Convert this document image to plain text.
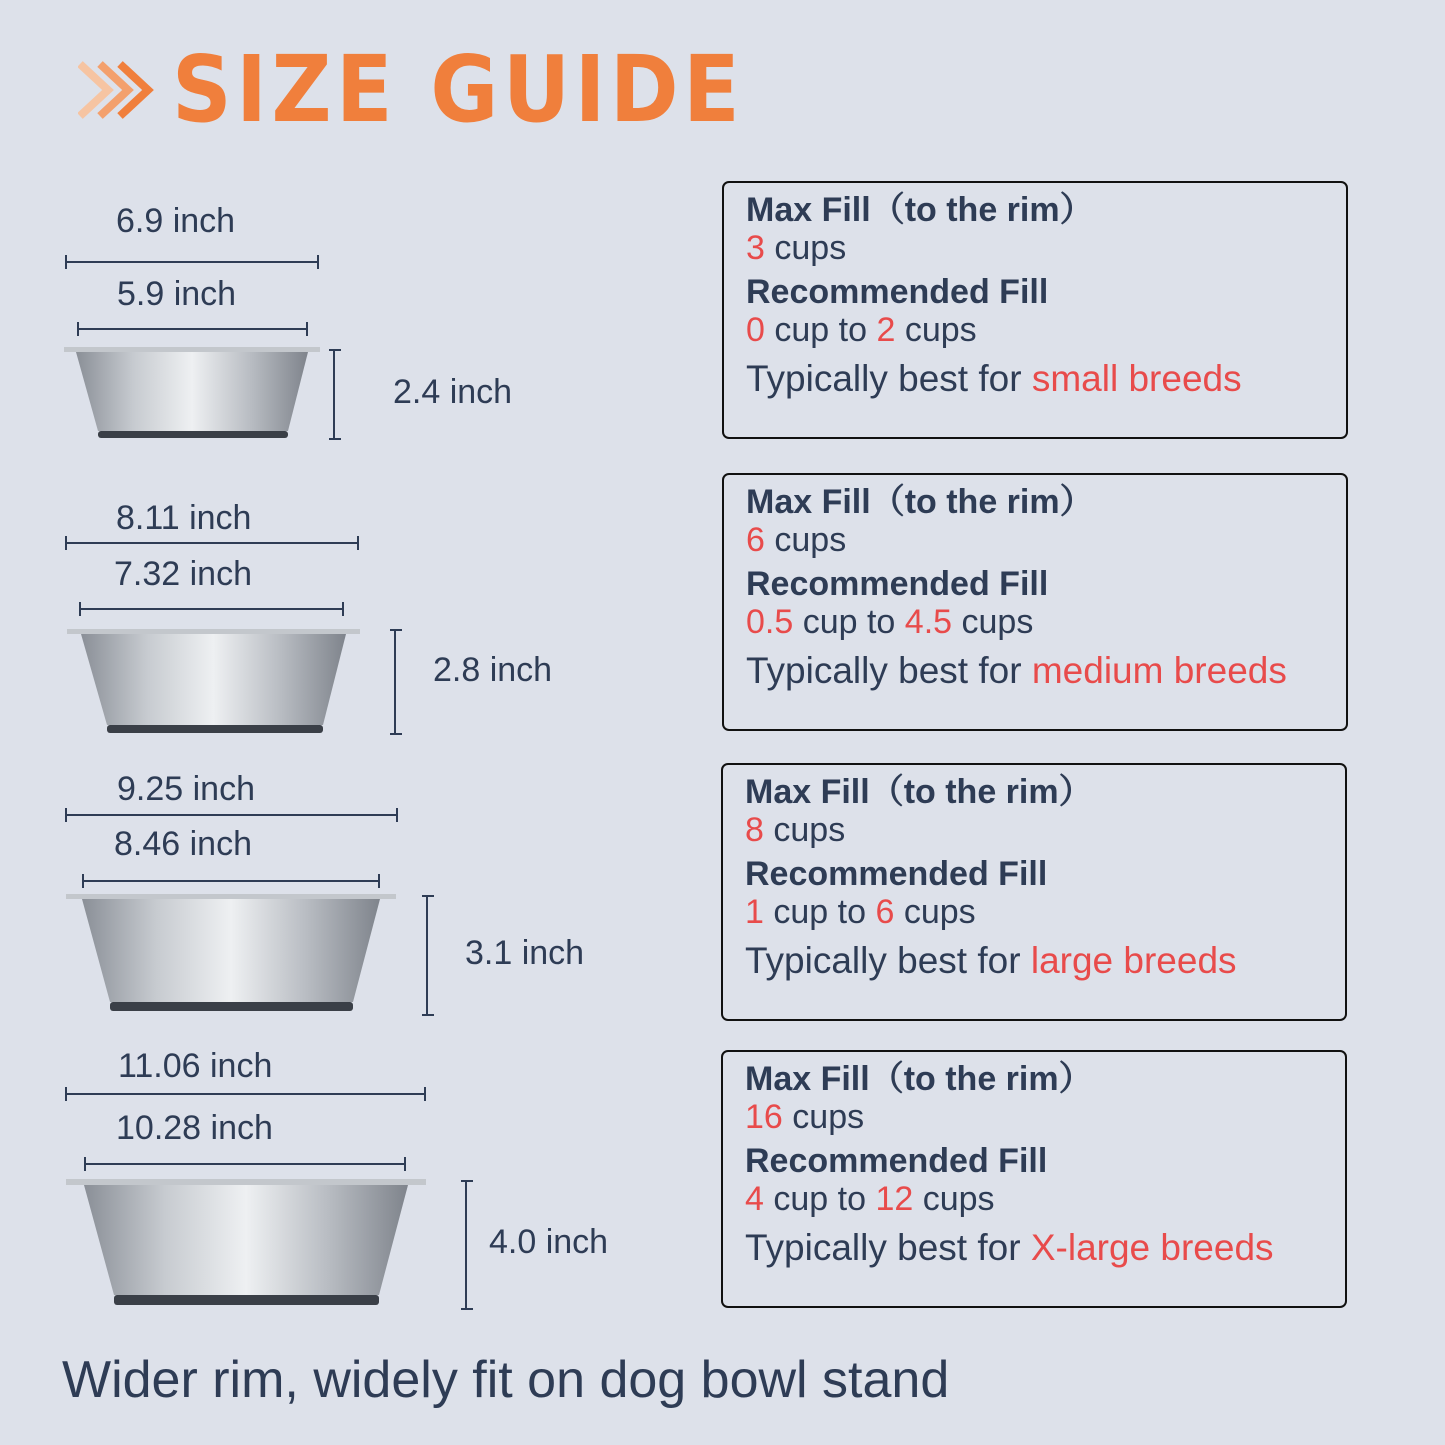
SIZE GUIDE
6.9 inch
5.9 inch
2.4 inch
8.11 inch
7.32 inch
2.8 inch
9.25 inch
8.46 inch
3.1 inch
11.06 inch
10.28 inch
4.0 inch
Max Fill（to the rim）
3 cups
Recommended Fill
0 cup to 2 cups
Typically best for small breeds
Max Fill（to the rim）
6 cups
Recommended Fill
0.5 cup to 4.5 cups
Typically best for medium breeds
Max Fill（to the rim）
8 cups
Recommended Fill
1 cup to 6 cups
Typically best for large breeds
Max Fill（to the rim）
16 cups
Recommended Fill
4 cup to 12 cups
Typically best for X-large breeds
Wider rim, widely fit on dog bowl stand
